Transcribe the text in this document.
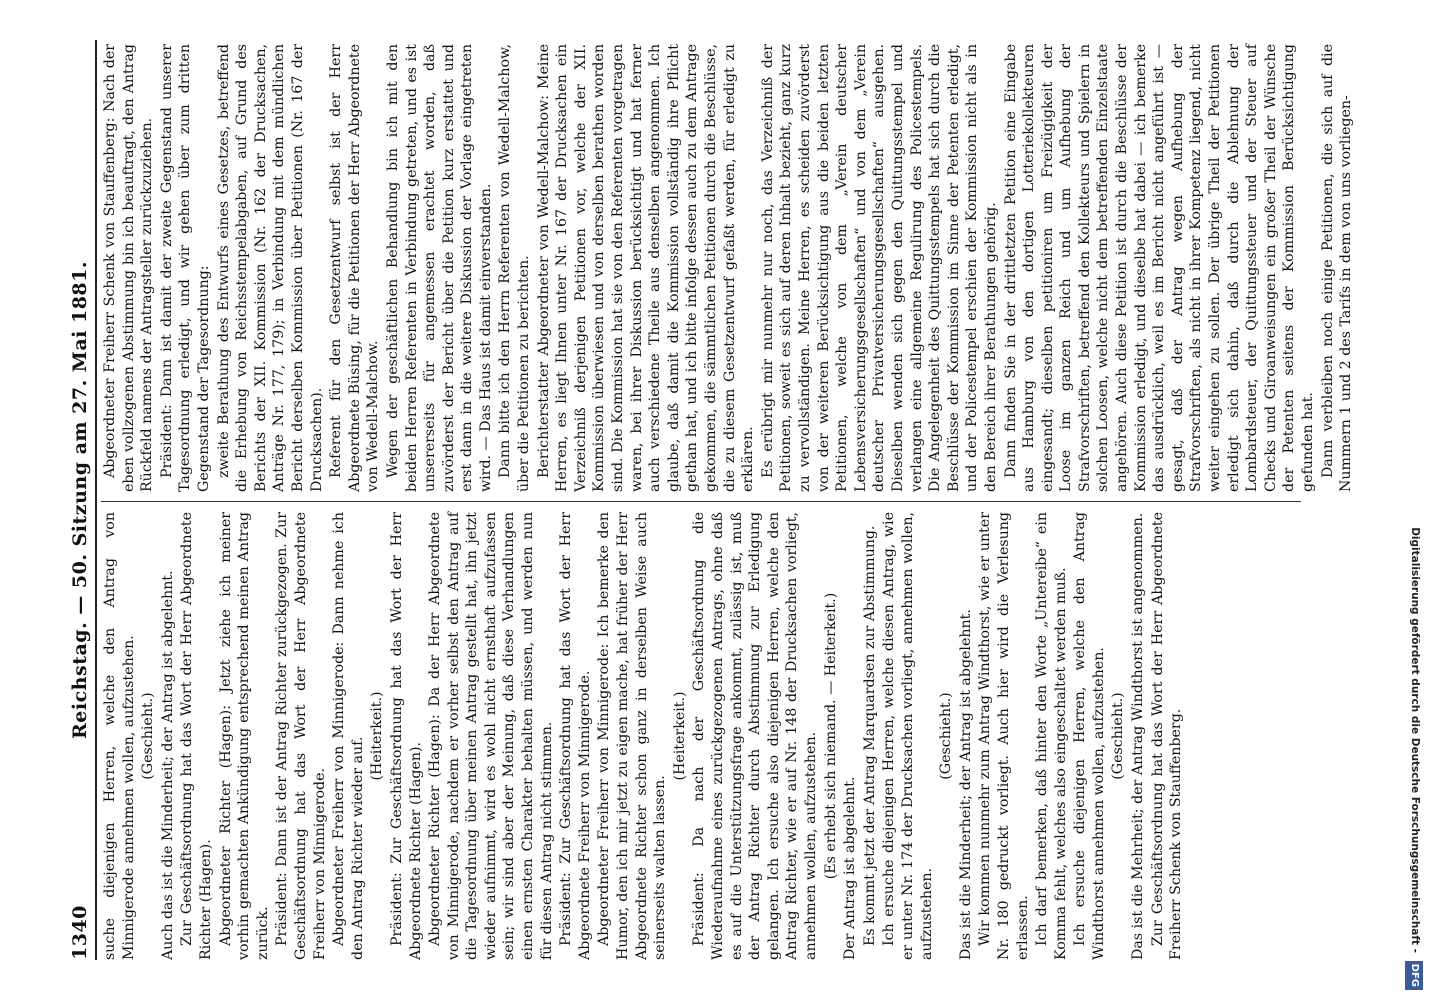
1340
Reichstag. — 50. Sitzung am 27. Mai 1881. suche diejenigen Herren, welche den Antrag von Minnigerode annehmen wollen, aufzustehen. (Geschieht.) Auch das ist die Minderheit; der Antrag ist abgelehnt. Zur Geschäftsordnung hat das Wort der Herr Abgeordnete Richter (Hagen). Abgeordneter Richter (Hagen): Jetzt ziehe ich meiner vorhin gemachten Ankündigung entsprechend meinen Antrag zurück. Präsident: Dann ist der Antrag Richter zurückgezogen. Zur Geschäftsordnung hat das Wort der Herr Abgeordnete Freiherr von Minnigerode. Abgeordneter Freiherr von Minnigerode: Dann nehme ich den Antrag Richter wieder auf.

(Heiterkeit.) Präsident: Zur Geschäftsordnung hat das Wort der Herr Abgeordnete Richter (Hagen). Abgeordneter Richter (Hagen): Da der Herr Abgeordnete von Minnigerode, nachdem er vorher selbst den Antrag auf die Tagesordnung über meinen Antrag gestellt hat, ihn jetzt wieder aufnimmt, wird es wohl nicht ernsthaft aufzufassen sein; wir sind aber der Meinung, daß diese Verhandlungen einen ernsten Charakter behalten müssen, und werden nun für diesen Antrag nicht stimmen. Präsident: Zur Geschäftsordnung hat das Wort der Herr Abgeordnete Freiherr von Minnigerode. Abgeordneter Freiherr von Minnigerode: Ich bemerke den Humor, den ich mir jetzt zu eigen mache, hat früher der Herr Abgeordnete Richter schon ganz in derselben Weise auch seinerseits walten lassen.

(Heiterkeit.) Präsident: Da nach der Geschäftsordnung die Wiederaufnahme eines zurückgezogenen Antrags, ohne daß es auf die Unterstützungsfrage ankommt, zulässig ist, muß der Antrag Richter durch Abstimmung zur Erledigung gelangen. Ich ersuche also diejenigen Herren, welche den Antrag Richter, wie er auf Nr. 148 der Drucksachen vorliegt, annehmen wollen, aufzustehen. (Es erhebt sich niemand. — Heiterkeit.) Der Antrag ist abgelehnt. Es kommt jetzt der Antrag Marquardsen zur Abstimmung. Ich ersuche diejenigen Herren, welche diesen Antrag, wie er unter Nr. 174 der Drucksachen vorliegt, annehmen wollen, aufzustehen.

(Geschieht.) Das ist die Minderheit; der Antrag ist abgelehnt. Wir kommen nunmehr zum Antrag Windthorst, wie er unter Nr. 180 gedruckt vorliegt. Auch hier wird die Verlesung erlassen. Ich darf bemerken, daß hinter den Worte „Untereibe“ ein Komma fehlt, welches also eingeschaltet werden muß. Ich ersuche diejenigen Herren, welche den Antrag Windthorst annehmen wollen, aufzustehen. (Geschieht.) Das ist die Mehrheit; der Antrag Windthorst ist angenommen. Zur Geschäftsordnung hat das Wort der Herr Abgeordnete Freiherr Schenk von Stauffenberg.

Abgeordneter Freiherr Schenk von Stauffenberg: Nach der eben vollzogenen Abstimmung bin ich beauftragt, den Antrag Rückfeld namens der Antragsteller zurückzuziehen. Präsident: Dann ist damit der zweite Gegenstand unserer Tagesordnung erledigt, und wir gehen über zum dritten Gegenstand der Tagesordnung: zweite Berathung des Entwurfs eines Gesetzes, betreffend die Erhebung von Reichsstempelabgaben, auf Grund des Berichts der XII. Kommission (Nr. 162 der Drucksachen, Anträge Nr. 177, 179); in Verbindung mit dem mündlichen Bericht derselben Kommission über Petitionen (Nr. 167 der Drucksachen). Referent für den Gesetzentwurf selbst ist der Herr Abgeordnete Büsing, für die Petitionen der Herr Abgeordnete von Wedell-Malchow. Wegen der geschäftlichen Behandlung bin ich mit den beiden Herren Referenten in Verbindung getreten, und es ist unsererseits für angemessen erachtet worden, daß zuvörderst der Bericht über die Petition kurz erstattet und erst dann in die weitere Diskussion der Vorlage eingetreten wird. — Das Haus ist damit einverstanden. Dann bitte ich den Herrn Referenten von Wedell-Malchow, über die Petitionen zu berichten. Berichterstatter Abgeordneter von Wedell-Malchow: Meine Herren, es liegt Ihnen unter Nr. 167 der Drucksachen ein Verzeichniß derjenigen Petitionen vor, welche der XII. Kommission überwiesen und von derselben berathen worden sind. Die Kommission hat sie von den Referenten vorgetragen waren, bei ihrer Diskussion berücksichtigt und hat ferner auch verschiedene Theile aus denselben angenommen. Ich glaube, daß damit die Kommission vollständig ihre Pflicht gethan hat, und ich bitte infolge dessen auch zu dem Antrage gekommen, die sämmtlichen Petitionen durch die Beschlüsse, die zu diesem Gesetzentwurf gefaßt werden, für erledigt zu erklären. Es erübrigt mir nunmehr nur noch, das Verzeichniß der Petitionen, soweit es sich auf deren Inhalt bezieht, ganz kurz zu vervollständigen. Meine Herren, es scheiden zuvörderst von der weiteren Berücksichtigung aus die beiden letzten Petitionen, welche von dem „Verein deutscher Lebensversicherungsgesellschaften“ und von dem „Verein deutscher Privatversicherungsgesellschaften“ ausgehen. Dieselben wenden sich gegen den Quittungsstempel und verlangen eine allgemeine Regulirung des Policestempels. Die Angelegenheit des Quittungsstempels hat sich durch die Beschlüsse der Kommission im Sinne der Petenten erledigt, und der Policestempel erschien der Kommission nicht als in den Bereich ihrer Berathungen gehörig. Dann finden Sie in der drittletzten Petition eine Eingabe aus Hamburg von den dortigen Lotteriekollekteuren eingesandt; dieselben petitioniren um Freizügigkeit der Loose im ganzen Reich und um Aufhebung der Strafvorschriften, betreffend den Kollekteurs und Spielern in solchen Loosen, welche nicht dem betreffenden Einzelstaate angehören. Auch diese Petition ist durch die Beschlüsse der Kommission erledigt, und dieselbe hat dabei — ich bemerke das ausdrücklich, weil es im Bericht nicht angeführt ist — gesagt, daß der Antrag wegen Aufhebung der Strafvorschriften, als nicht in ihrer Kompetenz liegend, nicht weiter eingehen zu sollen. Der übrige Theil der Petitionen erledigt sich dahin, daß durch die Ablehnung der Lombardsteuer, der Quittungssteuer und der Steuer auf Checks und Giroanweisungen ein großer Theil der Wünsche der Petenten seitens der Kommission Berücksichtigung gefunden hat. Dann verbleiben noch einige Petitionen, die sich auf die Nummern 1 und 2 des Tarifs in dem von uns vorliegen-

Digitalisierung gefördert durch die Deutsche Forschungsgemeinschaft - DFG
